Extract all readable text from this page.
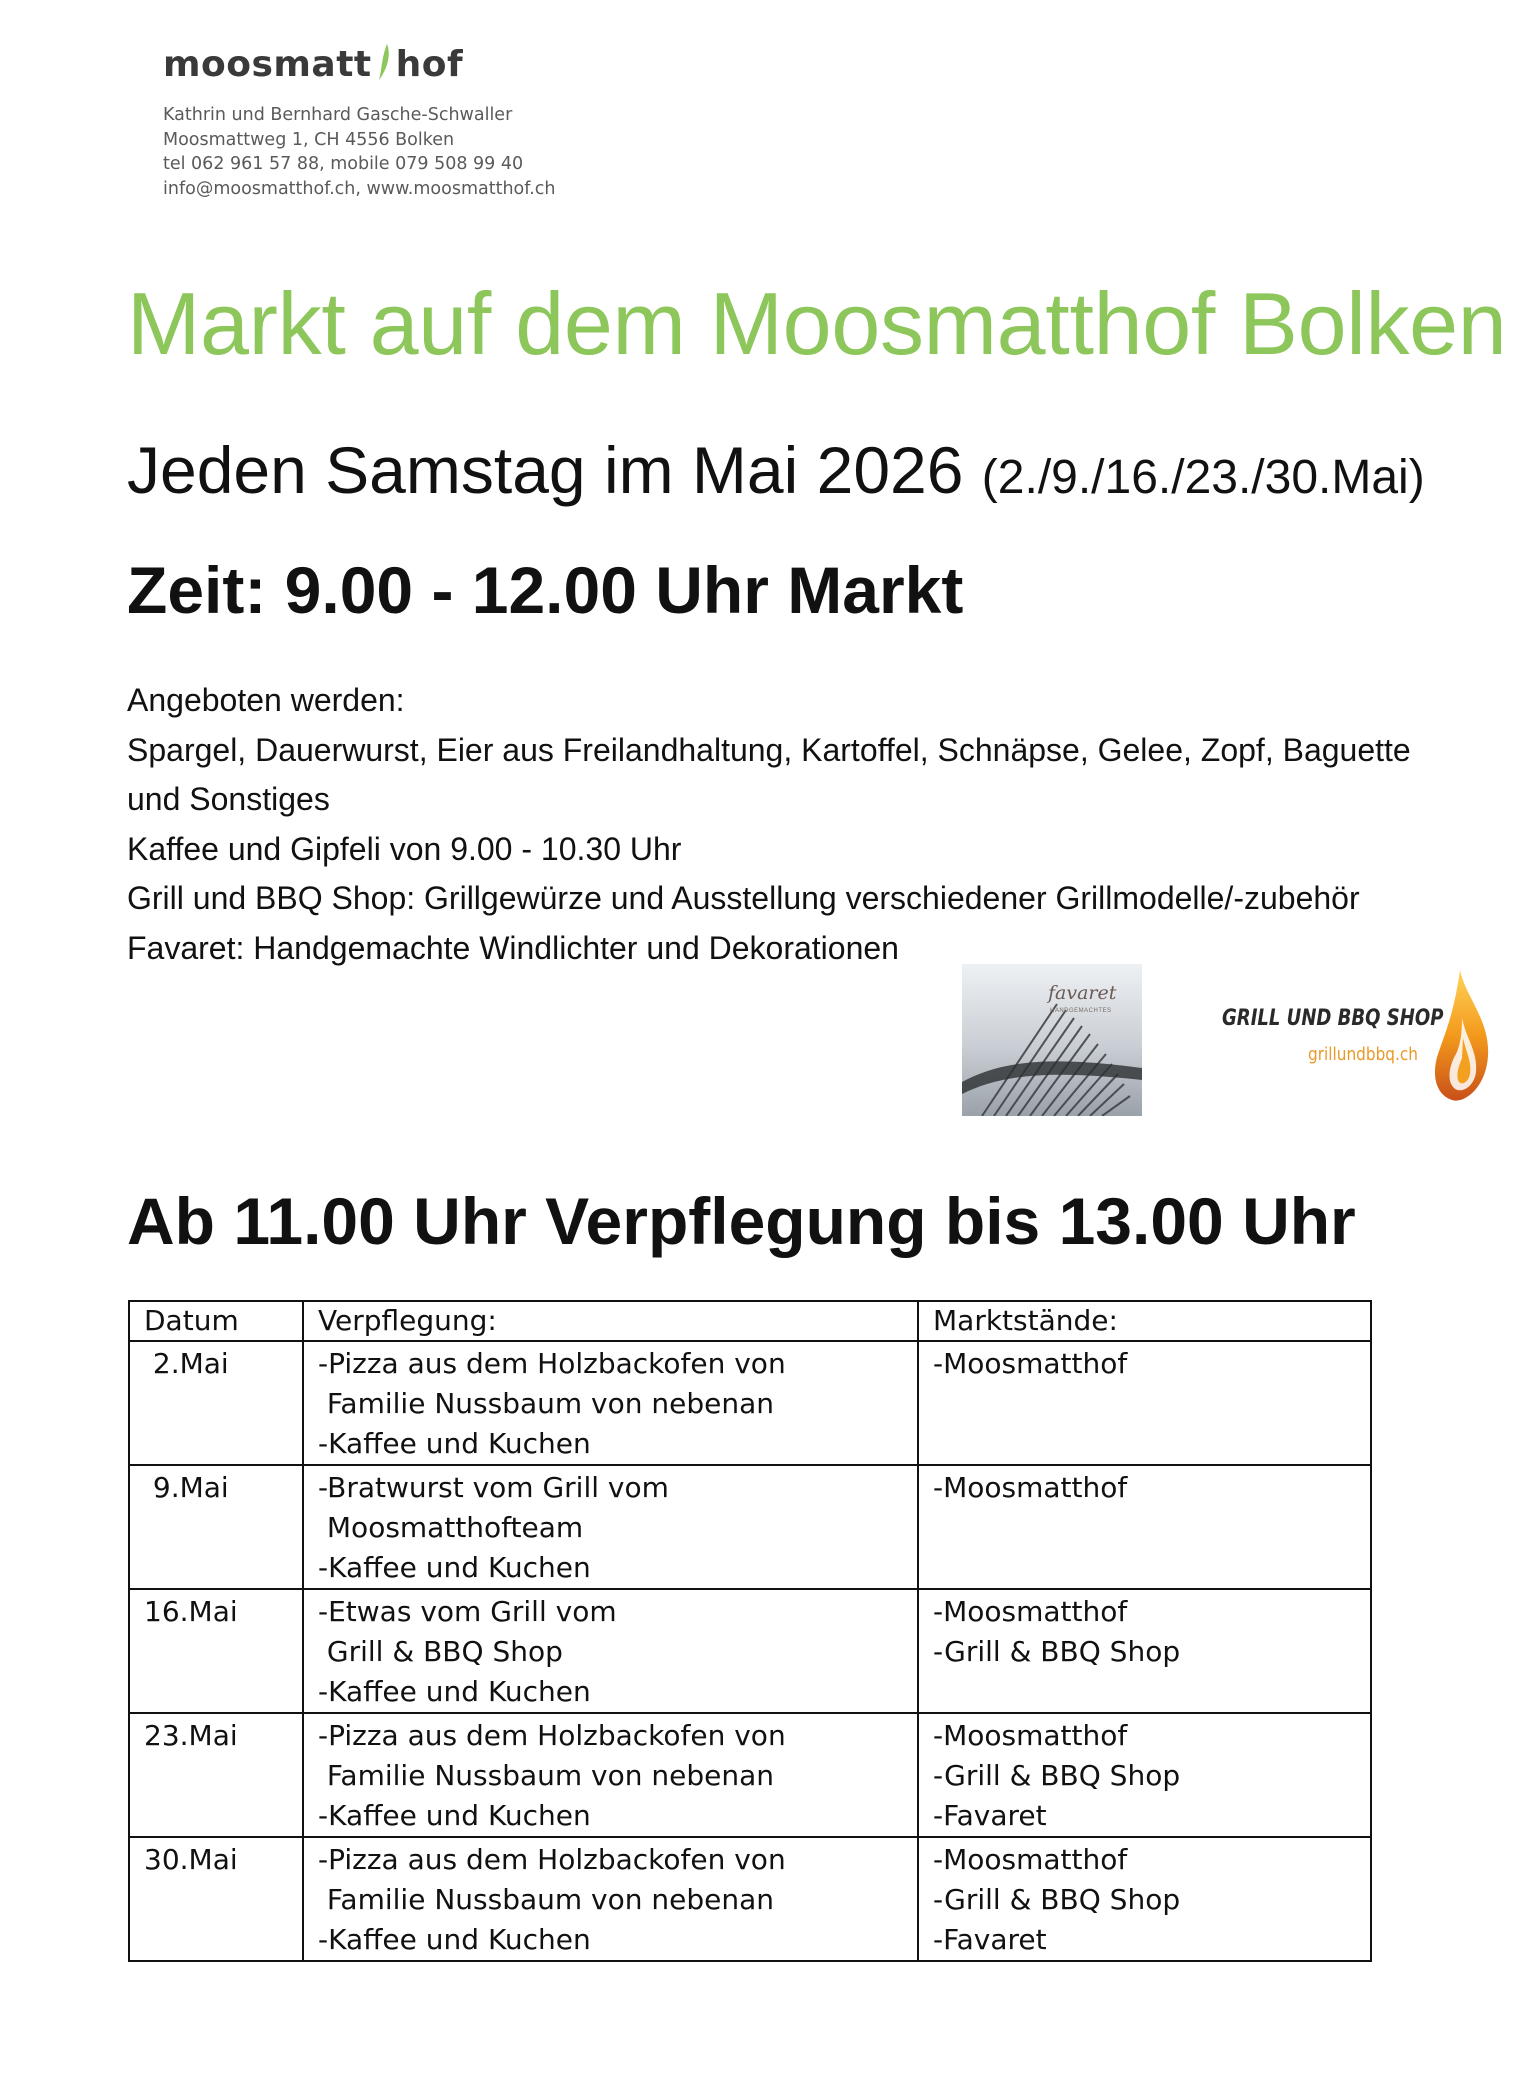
moosmatt hof
Kathrin und Bernhard Gasche-Schwaller
Moosmattweg 1, CH 4556 Bolken
tel 062 961 57 88, mobile 079 508 99 40
info@moosmatthof.ch, www.moosmatthof.ch
Markt auf dem Moosmatthof Bolken
Jeden Samstag im Mai 2026 (2./9./16./23./30.Mai)
Zeit: 9.00 - 12.00 Uhr Markt

Angeboten werden:

Spargel, Dauerwurst, Eier aus Freilandhaltung, Kartoffel, Schnäpse, Gelee, Zopf, Baguette und Sonstiges

Kaffee und Gipfeli von 9.00 - 10.30 Uhr

Grill und BBQ Shop: Grillgewürze und Ausstellung verschiedener Grillmodelle/-zubehör

Favaret: Handgemachte Windlichter und Dekorationen

favaret
HANDGEMACHTES	GRILL UND BBQ SHOP
grillundbbq.ch
Ab 11.00 Uhr Verpflegung bis 13.00 Uhr
Datum	Verpflegung:	Marktstände:

2.Mai	-Pizza aus dem Holzbackofen von
Familie Nussbaum von nebenan
-Kaffee und Kuchen	-Moosmatthof

9.Mai	-Bratwurst vom Grill vom
Moosmatthofteam
-Kaffee und Kuchen	-Moosmatthof

16.Mai	-Etwas vom Grill vom
Grill & BBQ Shop
-Kaffee und Kuchen	-Moosmatthof
-Grill & BBQ Shop

23.Mai	-Pizza aus dem Holzbackofen von
Familie Nussbaum von nebenan
-Kaffee und Kuchen	-Moosmatthof
-Grill & BBQ Shop
-Favaret

30.Mai	-Pizza aus dem Holzbackofen von
Familie Nussbaum von nebenan
-Kaffee und Kuchen	-Moosmatthof
-Grill & BBQ Shop
-Favaret
